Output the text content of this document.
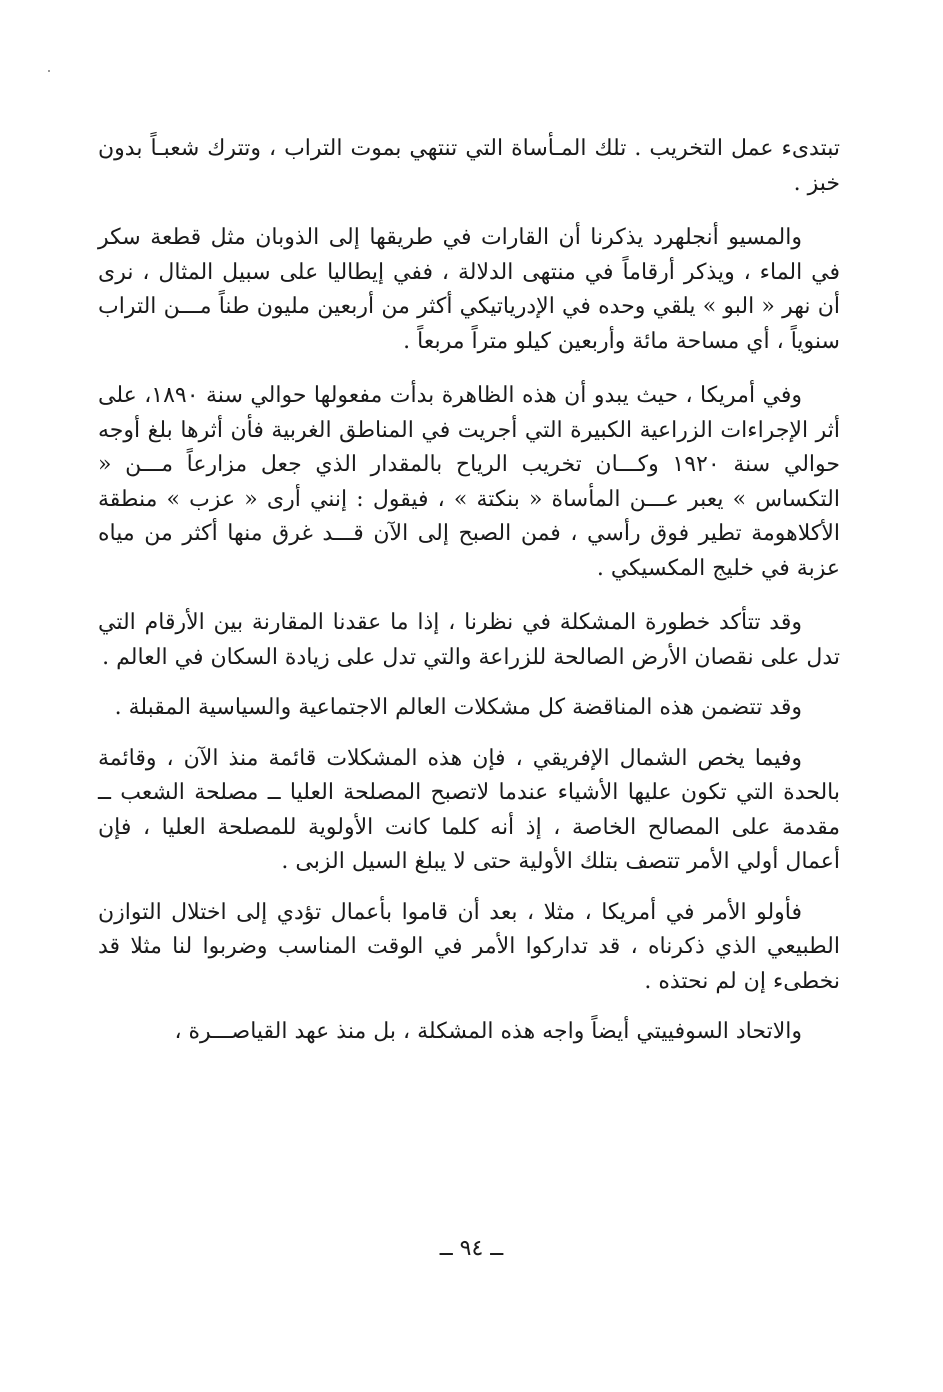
تبتدىء عمل التخريب . تلك المـأساة التي تنتهي بموت التراب ، وتترك شعبـاً بدون خبز .

والمسيو أنجلهرد يذكرنا أن القارات في طريقها إلى الذوبان مثل قطعة سكر في الماء ، ويذكر أرقاماً في منتهى الدلالة ، ففي إيطاليا على سبيل المثال ، نرى أن نهر « البو » يلقي وحده في الإدرياتيكي أكثر من أربعين مليون طناً مـــن التراب سنوياً ، أي مساحة مائة وأربعين كيلو متراً مربعاً .

وفي أمريكا ، حيث يبدو أن هذه الظاهرة بدأت مفعولها حوالي سنة ١٨٩٠، على أثر الإجراءات الزراعية الكبيرة التي أجريت في المناطق الغربية فأن أثرها بلغ أوجه حوالي سنة ١٩٢٠ وكـــان تخريب الرياح بالمقدار الذي جعل مزارعاً مـــن « التكساس » يعبر عـــن المأساة « بنكتة » ، فيقول : إنني أرى « عزب » منطقة الأكلاهومة تطير فوق رأسي ، فمن الصبح إلى الآن قـــد غرق منها أكثر من مياه عزبة في خليج المكسيكي .

وقد تتأكد خطورة المشكلة في نظرنا ، إذا ما عقدنا المقارنة بين الأرقام التي تدل على نقصان الأرض الصالحة للزراعة والتي تدل على زيادة السكان في العالم .

وقد تتضمن هذه المناقضة كل مشكلات العالم الاجتماعية والسياسية المقبلة .

وفيما يخص الشمال الإفريقي ، فإن هذه المشكلات قائمة منذ الآن ، وقائمة بالحدة التي تكون عليها الأشياء عندما لاتصبح المصلحة العليا ــ مصلحة الشعب ــ مقدمة على المصالح الخاصة ، إذ أنه كلما كانت الأولوية للمصلحة العليا ، فإن أعمال أولي الأمر تتصف بتلك الأولية حتى لا يبلغ السيل الزبى .

فأولو الأمر في أمريكا ، مثلا ، بعد أن قاموا بأعمال تؤدي إلى اختلال التوازن الطبيعي الذي ذكرناه ، قد تداركوا الأمر في الوقت المناسب وضربوا لنا مثلا قد نخطىء إن لم نحتذه .

والاتحاد السوفييتي أيضاً واجه هذه المشكلة ، بل منذ عهد القياصـــرة ،

ــ ٩٤ ــ
